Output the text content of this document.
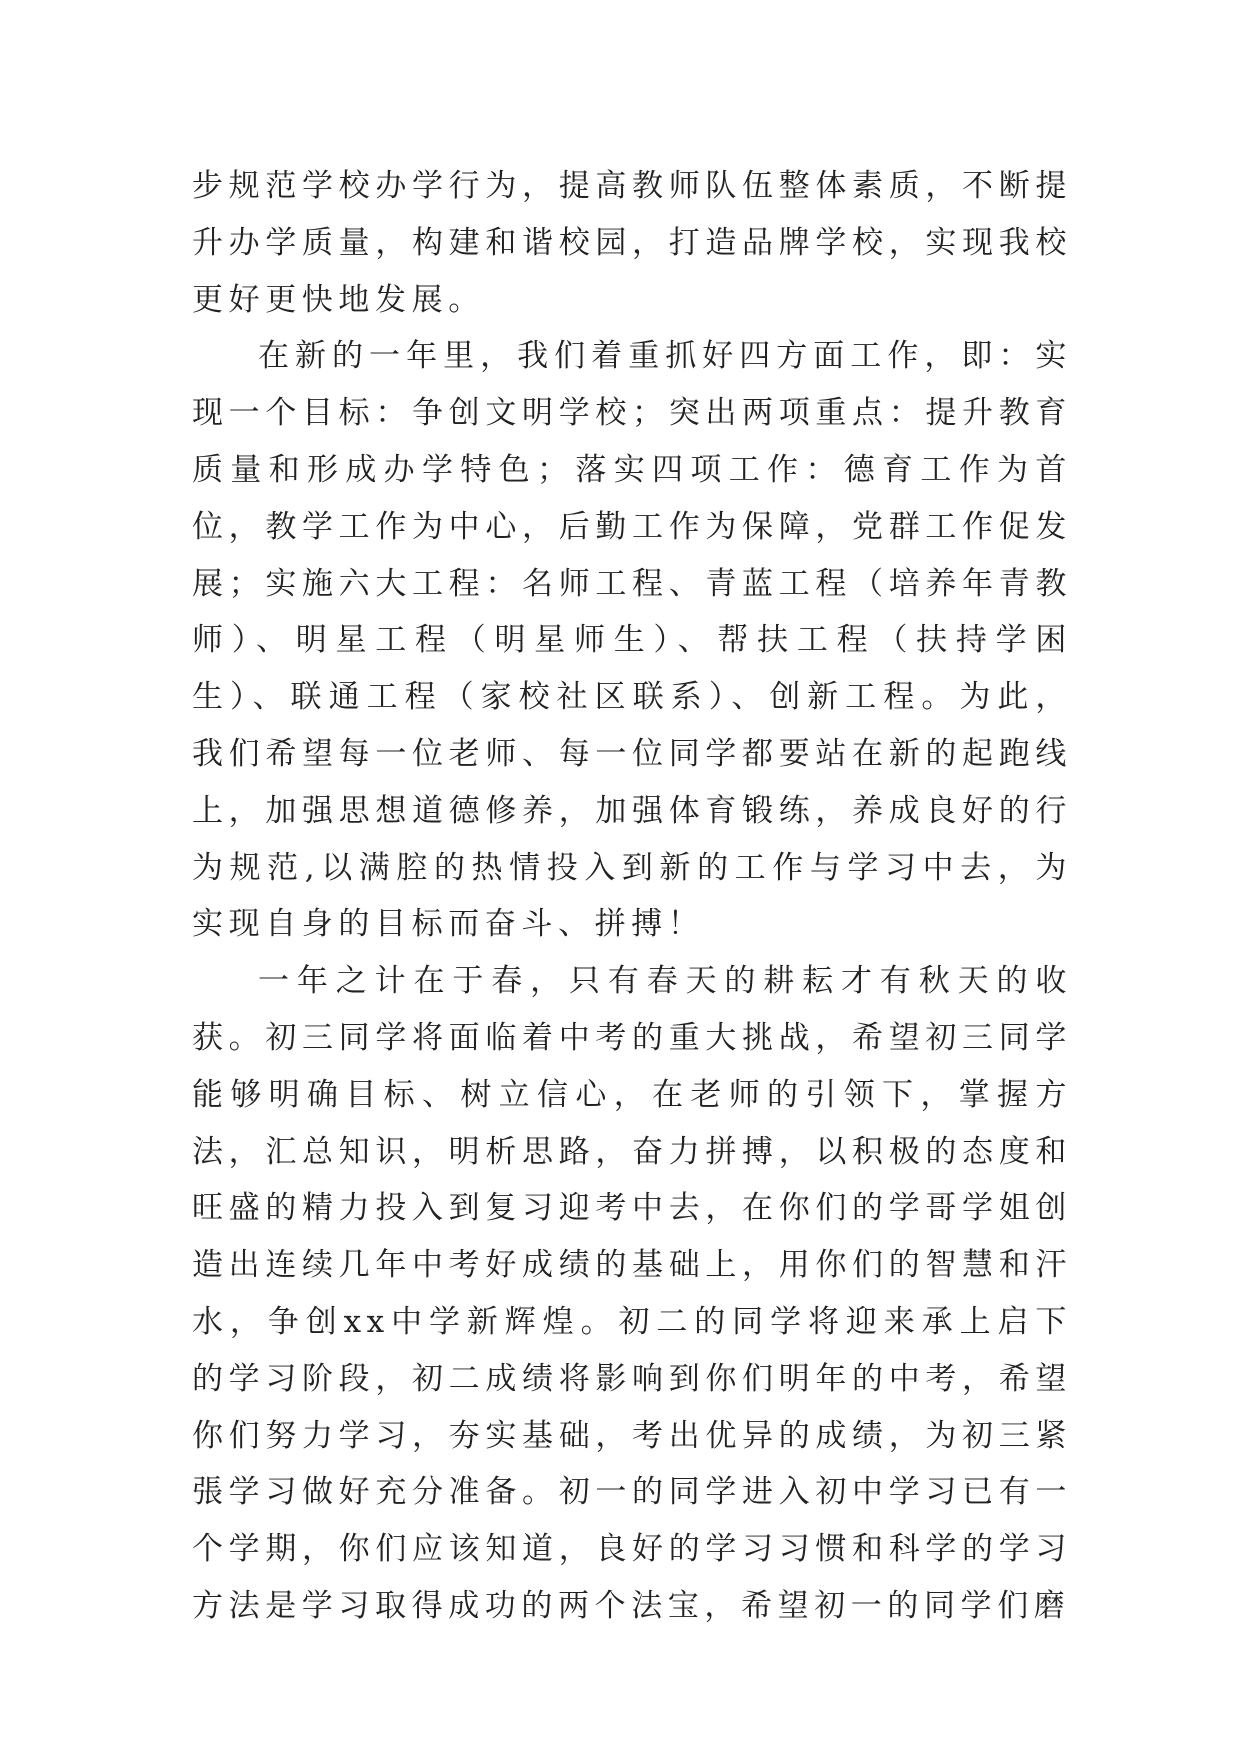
步规范学校办学行为，提高教师队伍整体素质，不断提升办学质量，构建和谐校园，打造品牌学校，实现我校更好更快地发展。

在新的一年里，我们着重抓好四方面工作，即：实现一个目标：争创文明学校；突出两项重点：提升教育质量和形成办学特色；落实四项工作：德育工作为首位，教学工作为中心，后勤工作为保障，党群工作促发展；实施六大工程：名师工程、青蓝工程（培养年青教师）、明星工程（明星师生）、帮扶工程（扶持学困生）、联通工程（家校社区联系）、创新工程。为此，我们希望每一位老师、每一位同学都要站在新的起跑线上，加强思想道德修养，加强体育锻练，养成良好的行为规范,以满腔的热情投入到新的工作与学习中去，为实现自身的目标而奋斗、拼搏！

一年之计在于春，只有春天的耕耘才有秋天的收获。初三同学将面临着中考的重大挑战，希望初三同学能够明确目标、树立信心，在老师的引领下，掌握方法，汇总知识，明析思路，奋力拼搏，以积极的态度和旺盛的精力投入到复习迎考中去，在你们的学哥学姐创造出连续几年中考好成绩的基础上，用你们的智慧和汗水，争创xx中学新辉煌。初二的同学将迎来承上启下的学习阶段，初二成绩将影响到你们明年的中考，希望你们努力学习，夯实基础，考出优异的成绩，为初三紧張学习做好充分准备。初一的同学进入初中学习已有一个学期，你们应该知道，良好的学习习惯和科学的学习方法是学习取得成功的两个法宝，希望初一的同学们磨
